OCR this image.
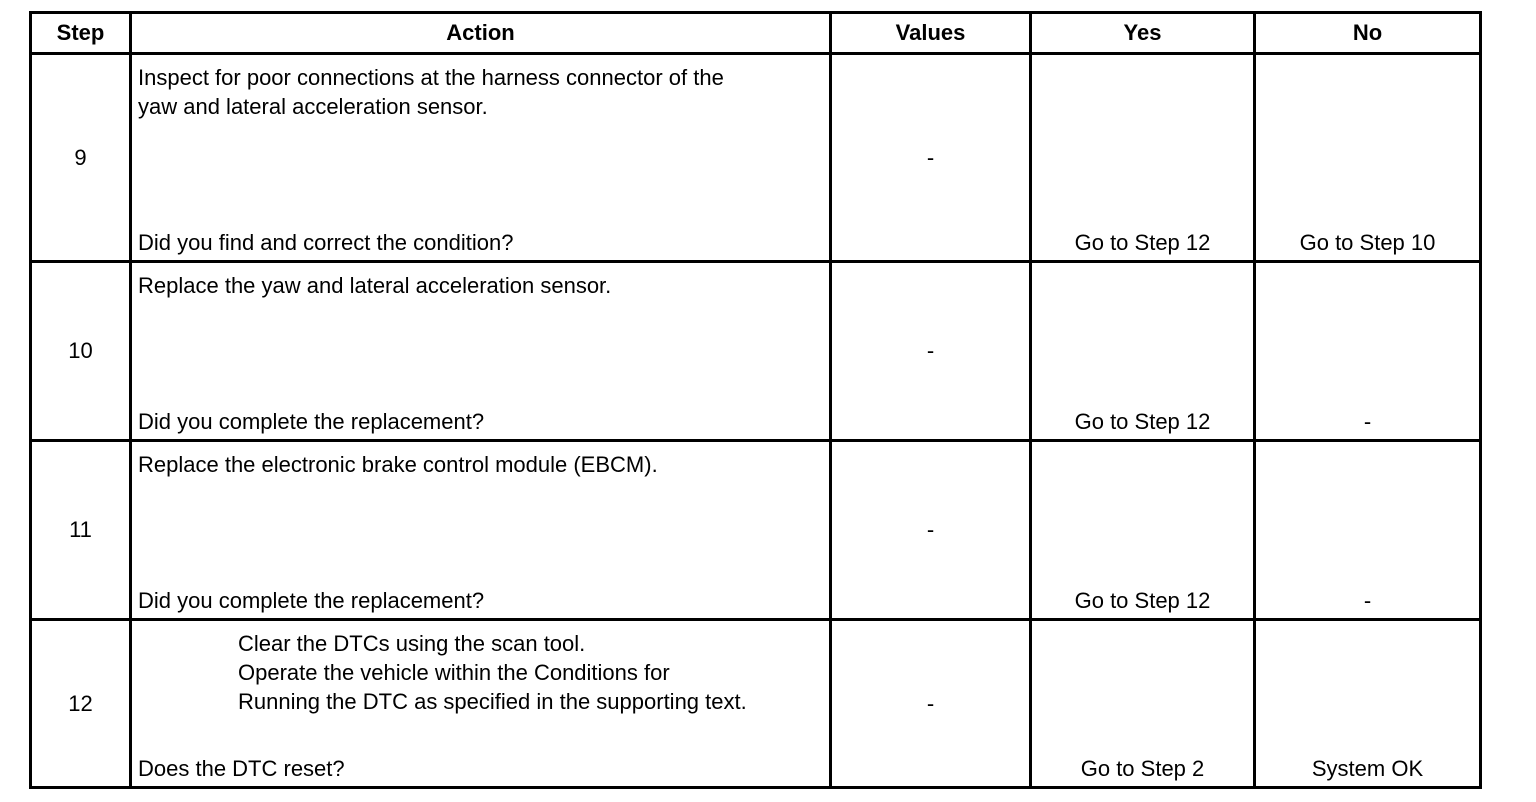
Step	Action	Values	Yes	No
9	Inspect for poor connections at the harness connector of the
yaw and lateral acceleration sensor.
Did you find and correct the condition?	-	Go to Step 12	Go to Step 10

10	Replace the yaw and lateral acceleration sensor.
Did you complete the replacement?	-	Go to Step 12	-

11	Replace the electronic brake control module (EBCM).
Did you complete the replacement?	-	Go to Step 12	-

12	Clear the DTCs using the scan tool.
Operate the vehicle within the Conditions for
Running the DTC as specified in the supporting text.
Does the DTC reset?	-	Go to Step 2	System OK
